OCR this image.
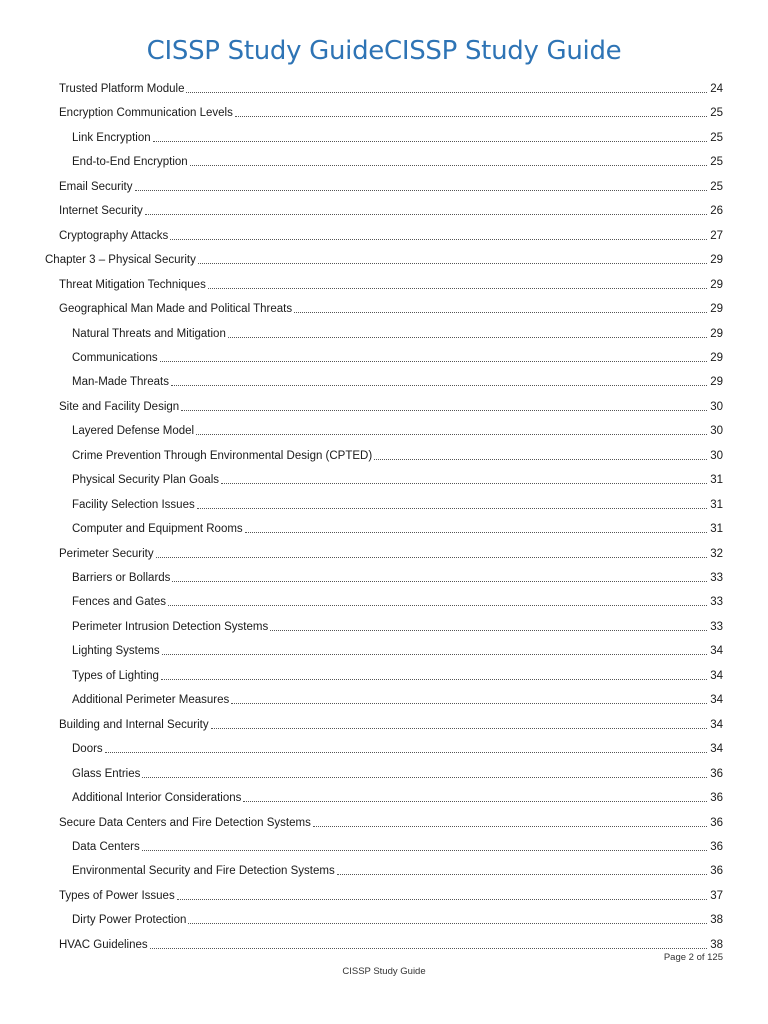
CISSP Study GuideCISSP Study Guide
Trusted Platform Module	24
Encryption Communication Levels	25
Link Encryption	25
End-to-End Encryption	25
Email Security	25
Internet Security	26
Cryptography Attacks	27
Chapter 3 – Physical Security	29
Threat Mitigation Techniques	29
Geographical Man Made and Political Threats	29
Natural Threats and Mitigation	29
Communications	29
Man-Made Threats	29
Site and Facility Design	30
Layered Defense Model	30
Crime Prevention Through Environmental Design (CPTED)	30
Physical Security Plan Goals	31
Facility Selection Issues	31
Computer and Equipment Rooms	31
Perimeter Security	32
Barriers or Bollards	33
Fences and Gates	33
Perimeter Intrusion Detection Systems	33
Lighting Systems	34
Types of Lighting	34
Additional Perimeter Measures	34
Building and Internal Security	34
Doors	34
Glass Entries	36
Additional Interior Considerations	36
Secure Data Centers and Fire Detection Systems	36
Data Centers	36
Environmental Security and Fire Detection Systems	36
Types of Power Issues	37
Dirty Power Protection	38
HVAC Guidelines	38
Page 2 of 125
CISSP Study Guide
